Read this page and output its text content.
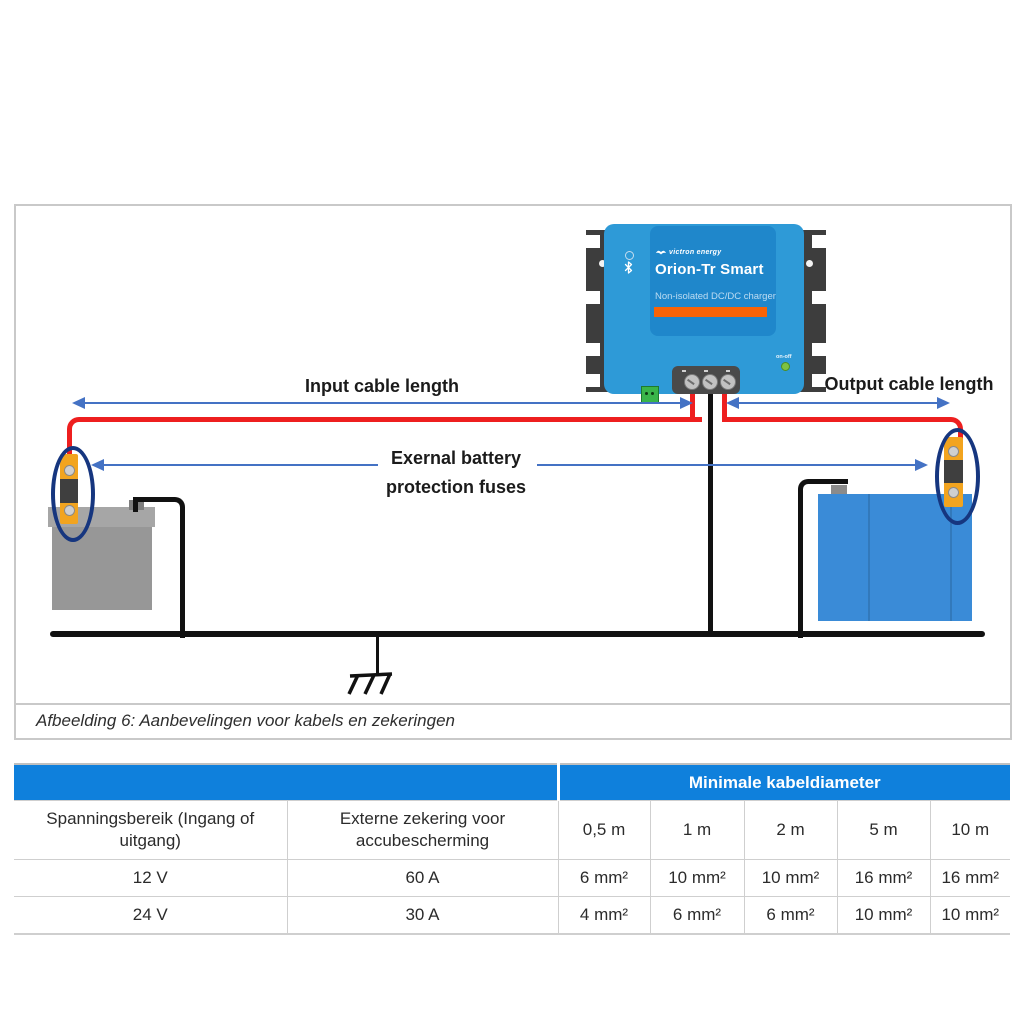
victron energy
Orion-Tr Smart
Non-isolated DC/DC charger
on-off
Input cable length	Output cable length
Exernal battery
protection fuses
Afbeelding 6: Aanbevelingen voor kabels en zekeringen
		Minimale kabeldiameter				
Spanningsbereik (Ingang of uitgang)	Externe zekering voor accubescherming	0,5 m	1 m	2 m	5 m	10 m
12 V	60 A	6 mm²	10 mm²	10 mm²	16 mm²	16 mm²
24 V	30 A	4 mm²	6 mm²	6 mm²	10 mm²	10 mm²
